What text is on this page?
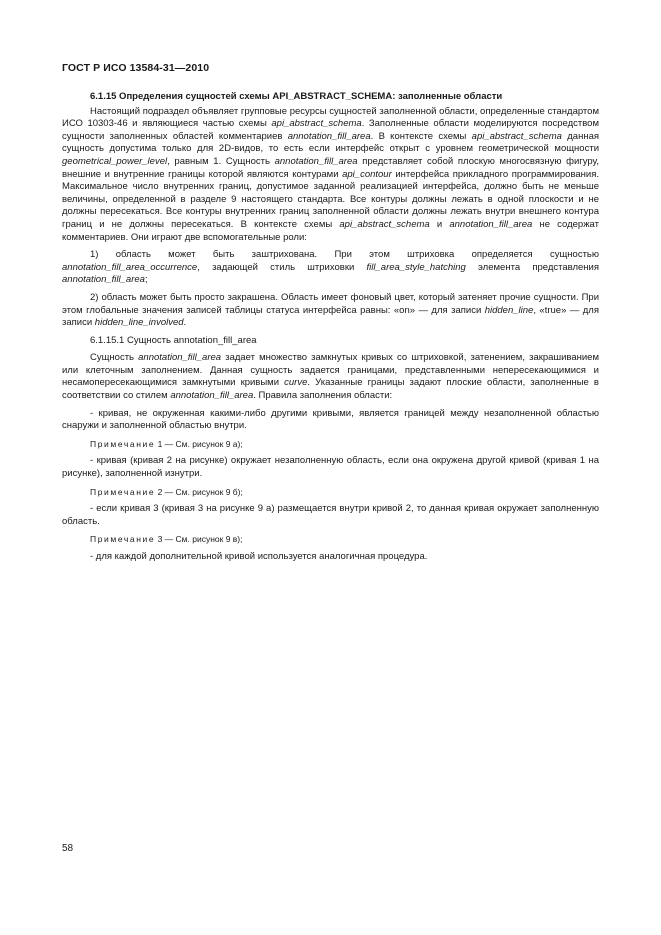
ГОСТ Р ИСО 13584-31—2010

6.1.15 Определения сущностей схемы API_ABSTRACT_SCHEMA: заполненные области

Настоящий подраздел объявляет групповые ресурсы сущностей заполненной области, определенные стандартом ИСО 10303-46 и являющиеся частью схемы api_abstract_schema. Заполненные области моделируются посредством сущности заполненных областей комментариев annotation_fill_area. В контексте схемы api_abstract_schema данная сущность допустима только для 2D-видов, то есть если интерфейс открыт с уровнем геометрической мощности geometrical_power_level, равным 1. Сущность annotation_fill_area представляет собой плоскую многосвязную фигуру, внешние и внутренние границы которой являются контурами api_contour интерфейса прикладного программирования. Максимальное число внутренних границ, допустимое заданной реализацией интерфейса, должно быть не меньше величины, определенной в разделе 9 настоящего стандарта. Все контуры должны лежать в одной плоскости и не должны пересекаться. Все контуры внутренних границ заполненной области должны лежать внутри внешнего контура границ и не должны пересекаться. В контексте схемы api_abstract_schema и annotation_fill_area не содержат комментариев. Они играют две вспомогательные роли:

1) область может быть заштрихована. При этом штриховка определяется сущностью annotation_fill_area_occurrence, задающей стиль штриховки fill_area_style_hatching элемента представления annotation_fill_area;

2) область может быть просто закрашена. Область имеет фоновый цвет, который затеняет прочие сущности. При этом глобальные значения записей таблицы статуса интерфейса равны: «on» — для записи hidden_line, «true» — для записи hidden_line_involved.

6.1.15.1 Сущность annotation_fill_area

Сущность annotation_fill_area задает множество замкнутых кривых со штриховкой, затенением, закрашиванием или клеточным заполнением. Данная сущность задается границами, представленными непересекающимися и несамопересекающимися замкнутыми кривыми curve. Указанные границы задают плоские области, заполненные в соответствии со стилем annotation_fill_area. Правила заполнения области:

- кривая, не окруженная какими-либо другими кривыми, является границей между незаполненной областью снаружи и заполненной областью внутри.

Примечание 1 — См. рисунок 9 а);

- кривая (кривая 2 на рисунке) окружает незаполненную область, если она окружена другой кривой (кривая 1 на рисунке), заполненной изнутри.

Примечание 2 — См. рисунок 9 б);

- если кривая 3 (кривая 3 на рисунке 9 а) размещается внутри кривой 2, то данная кривая окружает заполненную область.

Примечание 3 — См. рисунок 9 в);

- для каждой дополнительной кривой используется аналогичная процедура.

58
